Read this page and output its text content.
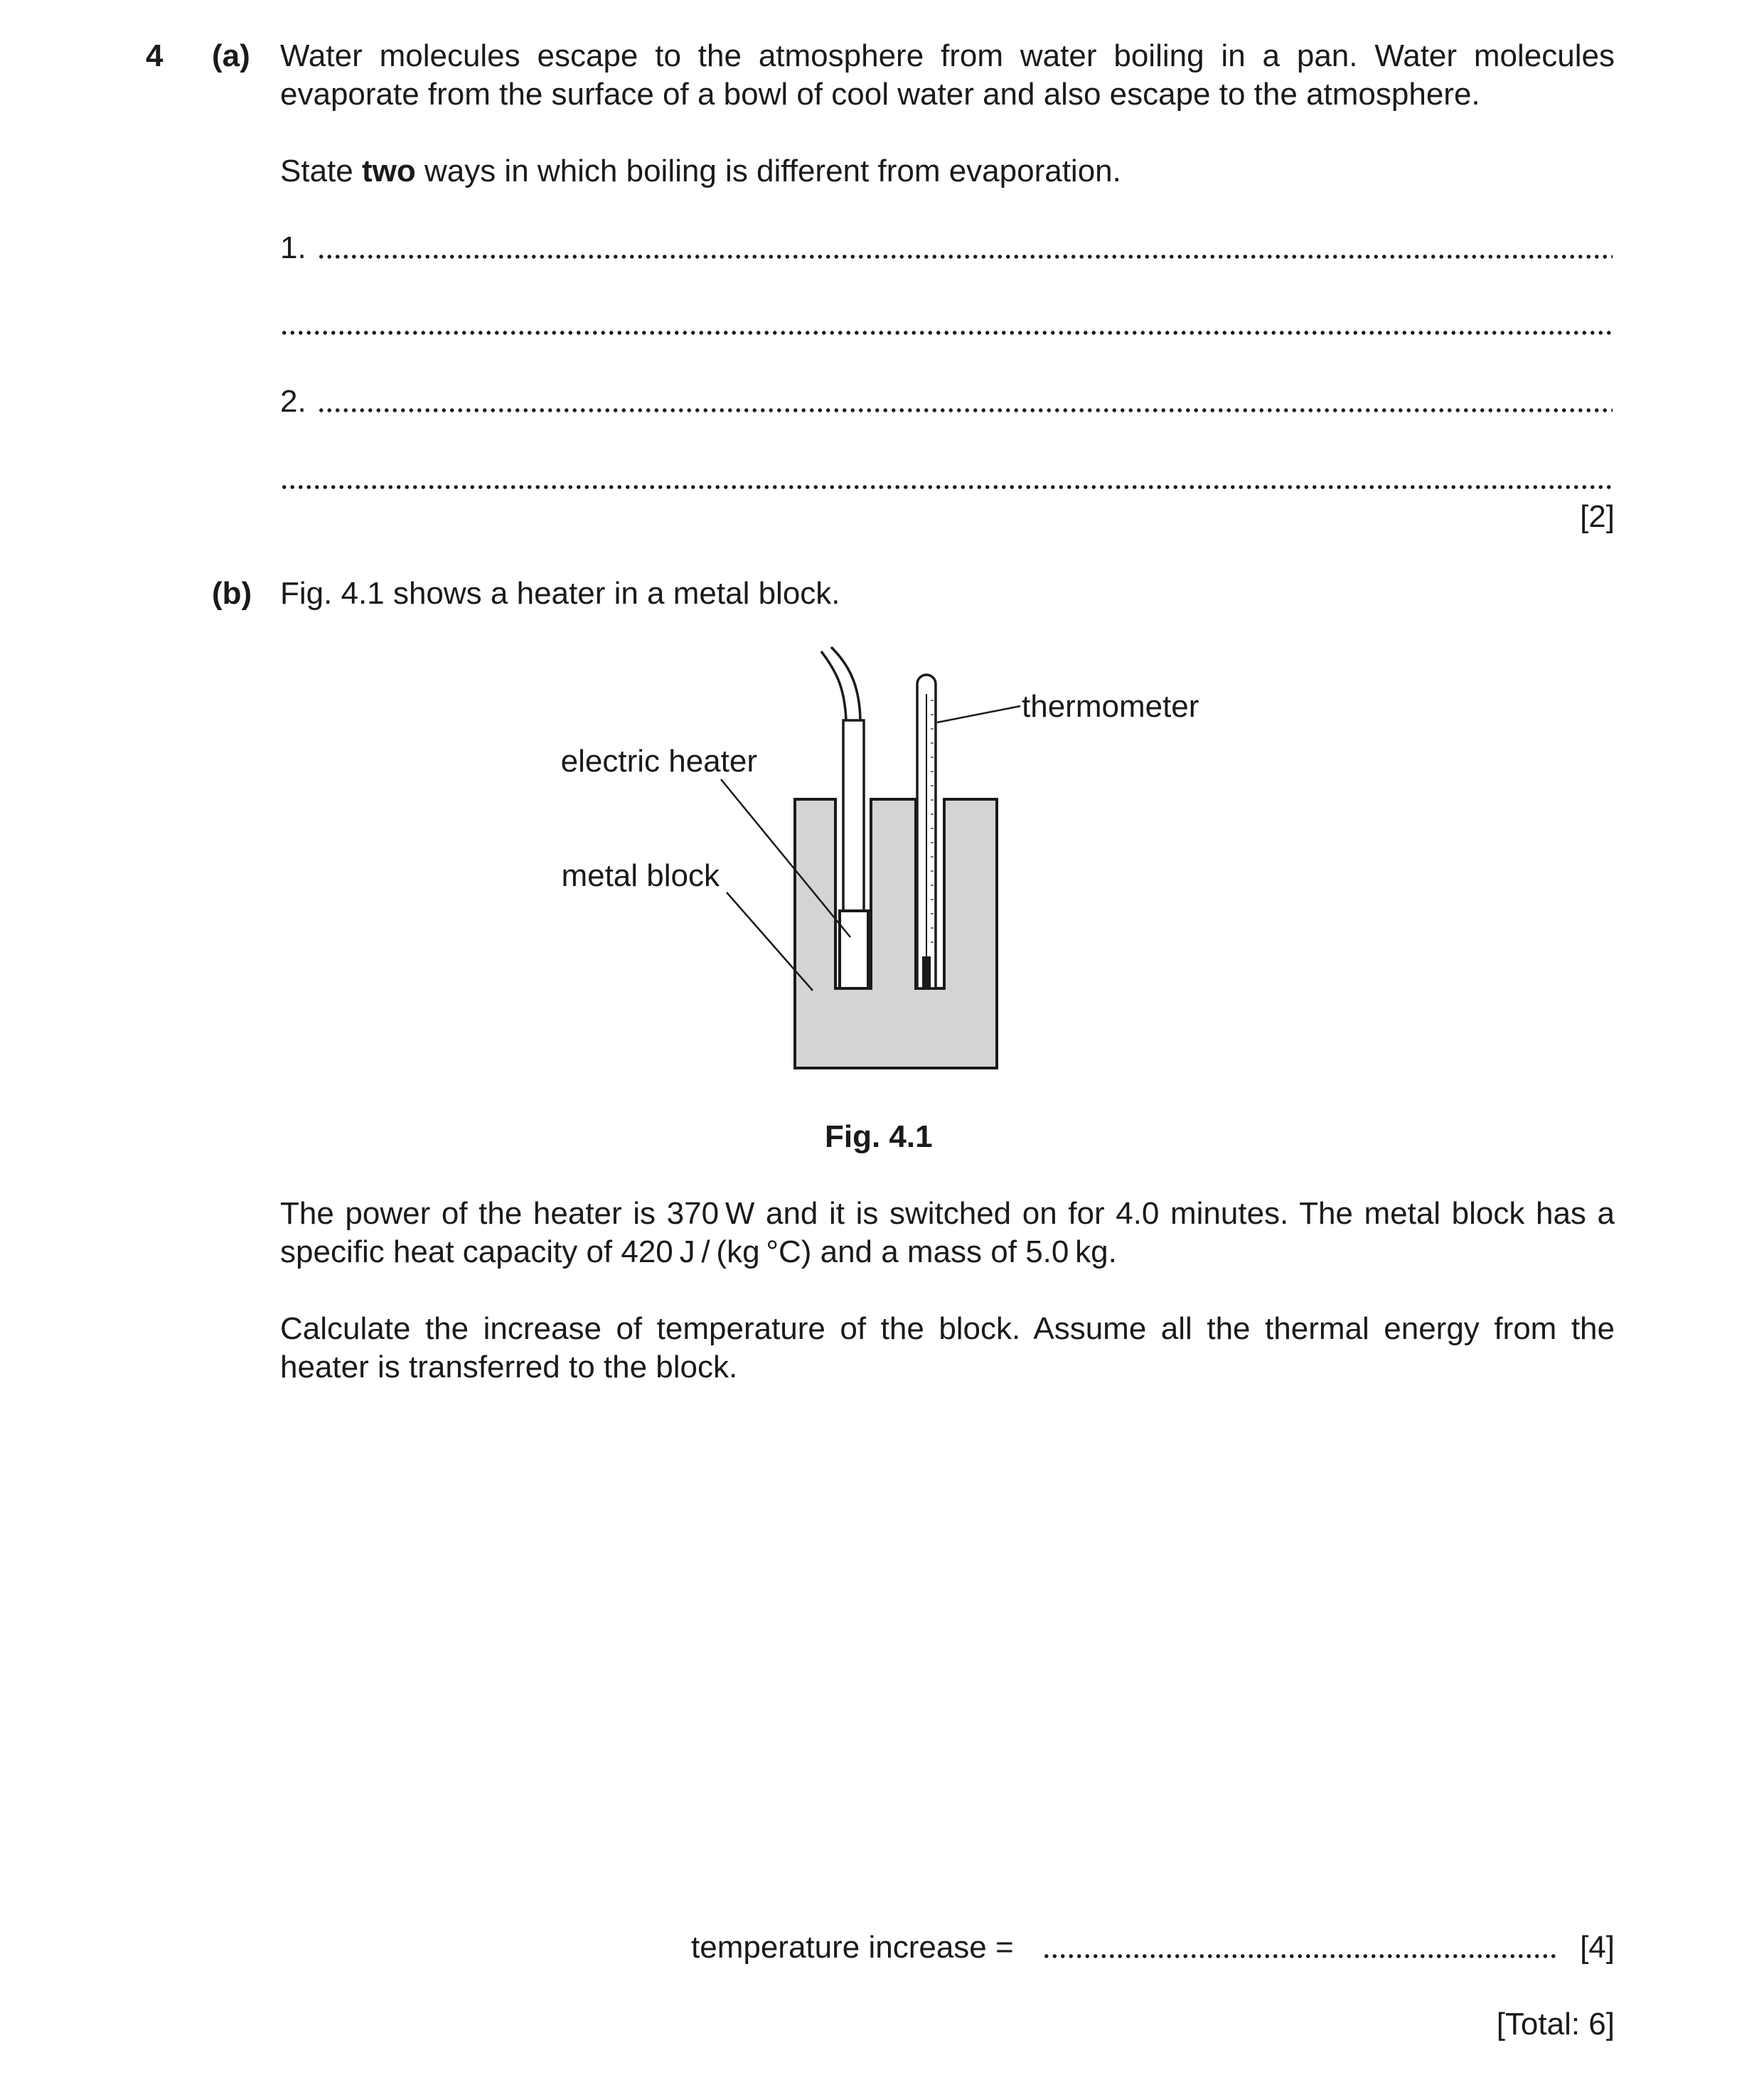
4 (a) Water molecules escape to the atmosphere from water boiling in a pan. Water molecules
evaporate from the surface of a bowl of cool water and also escape to the atmosphere.
State two ways in which boiling is different from evaporation.
1.
2.
[2]
(b) Fig. 4.1 shows a heater in a metal block.
thermometer
electric heater
metal block
Fig. 4.1
The power of the heater is 370 W and it is switched on for 4.0 minutes. The metal block has a
specific heat capacity of 420 J / (kg °C) and a mass of 5.0 kg.
Calculate the increase of temperature of the block. Assume all the thermal energy from the
heater is transferred to the block.
temperature increase =	[4]
[Total: 6]
